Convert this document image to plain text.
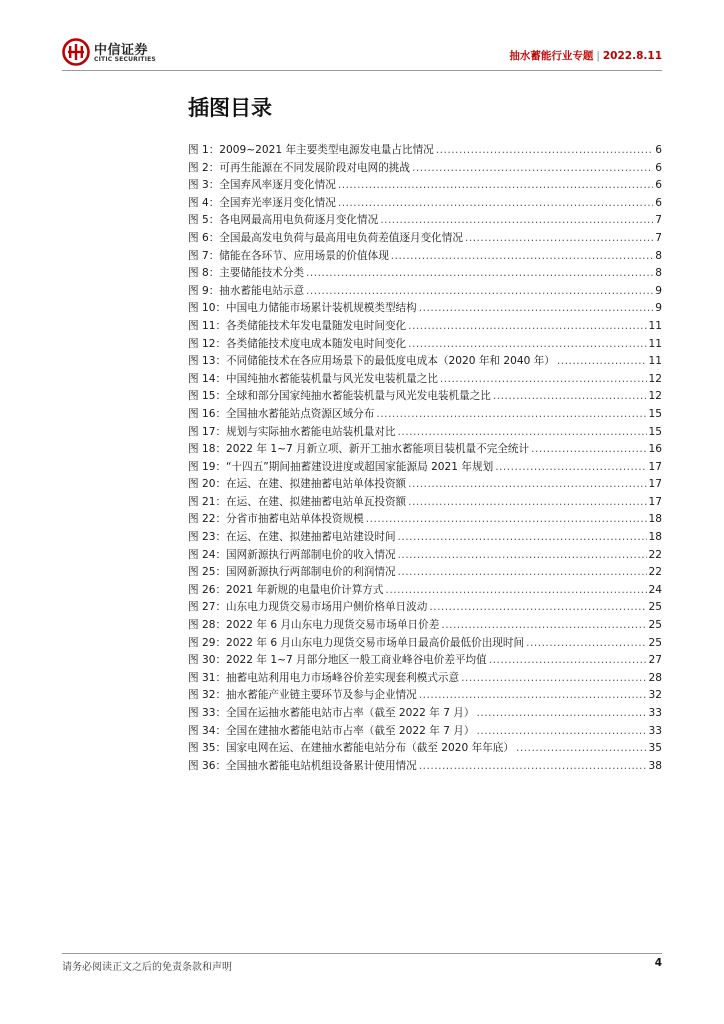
中信证券
CITIC SECURITIES	抽水蓄能行业专题 | 2022.8.11
插图目录
图 1：2009~2021 年主要类型电源发电量占比情况 .....	6
图 2：可再生能源在不同发展阶段对电网的挑战 .....	6
图 3：全国弃风率逐月变化情况 .....	6
图 4：全国弃光率逐月变化情况 .....	6
图 5：各电网最高用电负荷逐月变化情况 .....	7
图 6：全国最高发电负荷与最高用电负荷差值逐月变化情况 .....	7
图 7：储能在各环节、应用场景的价值体现 .....	8
图 8：主要储能技术分类 .....	8
图 9：抽水蓄能电站示意 .....	9
图 10：中国电力储能市场累计装机规模类型结构 .....	9
图 11：各类储能技术年发电量随发电时间变化 .....	11
图 12：各类储能技术度电成本随发电时间变化 .....	11
图 13：不同储能技术在各应用场景下的最低度电成本（2020 年和 2040 年） .....	11
图 14：中国纯抽水蓄能装机量与风光发电装机量之比 .....	12
图 15：全球和部分国家纯抽水蓄能装机量与风光发电装机量之比 .....	12
图 16：全国抽水蓄能站点资源区域分布 .....	15
图 17：规划与实际抽水蓄能电站装机量对比 .....	15
图 18：2022 年 1~7 月新立项、新开工抽水蓄能项目装机量不完全统计 .....	16
图 19：“十四五”期间抽蓄建设进度或超国家能源局 2021 年规划 .....	17
图 20：在运、在建、拟建抽蓄电站单体投资额 .....	17
图 21：在运、在建、拟建抽蓄电站单瓦投资额 .....	17
图 22：分省市抽蓄电站单体投资规模 .....	18
图 23：在运、在建、拟建抽蓄电站建设时间 .....	18
图 24：国网新源执行两部制电价的收入情况 .....	22
图 25：国网新源执行两部制电价的利润情况 .....	22
图 26：2021 年新规的电量电价计算方式 .....	24
图 27：山东电力现货交易市场用户侧价格单日波动 .....	25
图 28：2022 年 6 月山东电力现货交易市场单日价差 .....	25
图 29：2022 年 6 月山东电力现货交易市场单日最高价最低价出现时间 .....	25
图 30：2022 年 1~7 月部分地区一般工商业峰谷电价差平均值 .....	27
图 31：抽蓄电站利用电力市场峰谷价差实现套利模式示意 .....	28
图 32：抽水蓄能产业链主要环节及参与企业情况 .....	32
图 33：全国在运抽水蓄能电站市占率（截至 2022 年 7 月） .....	33
图 34：全国在建抽水蓄能电站市占率（截至 2022 年 7 月） .....	33
图 35：国家电网在运、在建抽水蓄能电站分布（截至 2020 年年底） .....	35
图 36：全国抽水蓄能电站机组设备累计使用情况 .....	38
请务必阅读正文之后的免责条款和声明	4
